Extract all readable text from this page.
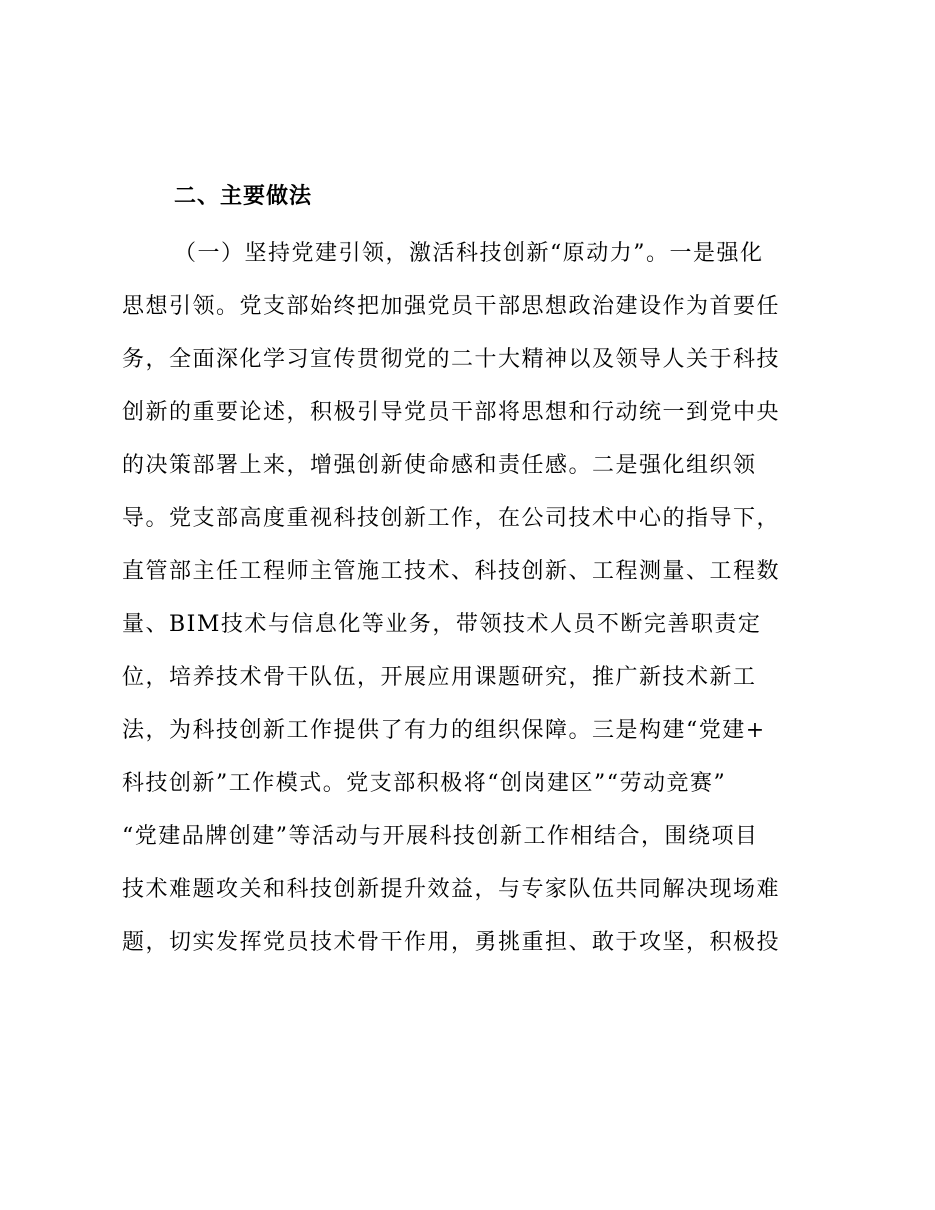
二、主要做法
（一）坚持党建引领，激活科技创新“原动力”。一是强化
思想引领。党支部始终把加强党员干部思想政治建设作为首要任
务，全面深化学习宣传贯彻党的二十大精神以及领导人关于科技
创新的重要论述，积极引导党员干部将思想和行动统一到党中央
的决策部署上来，增强创新使命感和责任感。二是强化组织领
导。党支部高度重视科技创新工作，在公司技术中心的指导下，
直管部主任工程师主管施工技术、科技创新、工程测量、工程数
量、BIM技术与信息化等业务，带领技术人员不断完善职责定
位，培养技术骨干队伍，开展应用课题研究，推广新技术新工
法，为科技创新工作提供了有力的组织保障。三是构建“党建+
科技创新”工作模式。党支部积极将“创岗建区”“劳动竞赛”
“党建品牌创建”等活动与开展科技创新工作相结合，围绕项目
技术难题攻关和科技创新提升效益，与专家队伍共同解决现场难
题，切实发挥党员技术骨干作用，勇挑重担、敢于攻坚，积极投
